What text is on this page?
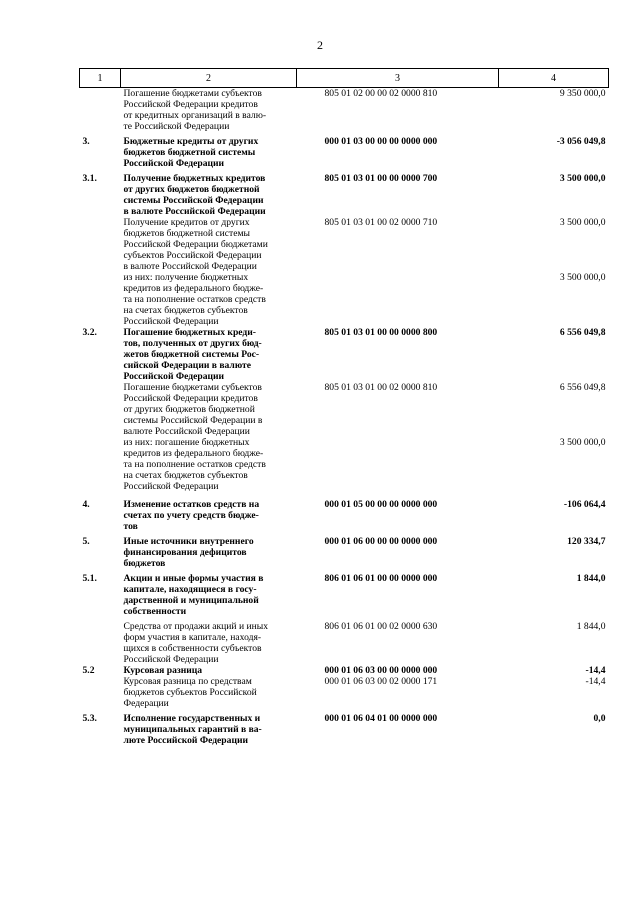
2
1	2	3	4
	Погашение бюджетами субъектов
Российской Федерации кредитов
от кредитных организаций в валю-
те Российской Федерации	805 01 02 00 00 02 0000 810	9 350 000,0
3.	Бюджетные кредиты от других
бюджетов бюджетной системы
Российской Федерации	000 01 03 00 00 00 0000 000	-3 056 049,8
3.1.	Получение бюджетных кредитов
от других бюджетов бюджетной
системы Российской Федерации
в валюте Российской Федерации	805 01 03 01 00 00 0000 700	3 500 000,0
	Получение кредитов от других
бюджетов бюджетной системы
Российской Федерации бюджетами
субъектов Российской Федерации
в валюте Российской Федерации	805 01 03 01 00 02 0000 710	3 500 000,0
	из них: получение бюджетных
кредитов из федерального бюдже-
та на пополнение остатков средств
на счетах бюджетов субъектов
Российской Федерации		3 500 000,0
3.2.	Погашение бюджетных креди-
тов, полученных от других бюд-
жетов бюджетной системы Рос-
сийской Федерации в валюте
Российской Федерации	805 01 03 01 00 00 0000 800	6 556 049,8
	Погашение бюджетами субъектов
Российской Федерации кредитов
от других бюджетов бюджетной
системы Российской Федерации в
валюте Российской Федерации	805 01 03 01 00 02 0000 810	6 556 049,8
	из них: погашение бюджетных
кредитов из федерального бюдже-
та на пополнение остатков средств
на счетах бюджетов субъектов
Российской Федерации		3 500 000,0
4.	Изменение остатков средств на
счетах по учету средств бюдже-
тов	000 01 05 00 00 00 0000 000	-106 064,4
5.	Иные источники внутреннего
финансирования дефицитов
бюджетов	000 01 06 00 00 00 0000 000	120 334,7
5.1.	Акции и иные формы участия в
капитале, находящиеся в госу-
дарственной и муниципальной
собственности	806 01 06 01 00 00 0000 000	1 844,0
	Средства от продажи акций и иных
форм участия в капитале, находя-
щихся в собственности субъектов
Российской Федерации	806 01 06 01 00 02 0000 630	1 844,0
5.2	Курсовая разница	000 01 06 03 00 00 0000 000	-14,4
	Курсовая разница по средствам
бюджетов субъектов Российской
Федерации	000 01 06 03 00 02 0000 171	-14,4
5.3.	Исполнение государственных и
муниципальных гарантий в ва-
люте Российской Федерации	000 01 06 04 01 00 0000 000	0,0
